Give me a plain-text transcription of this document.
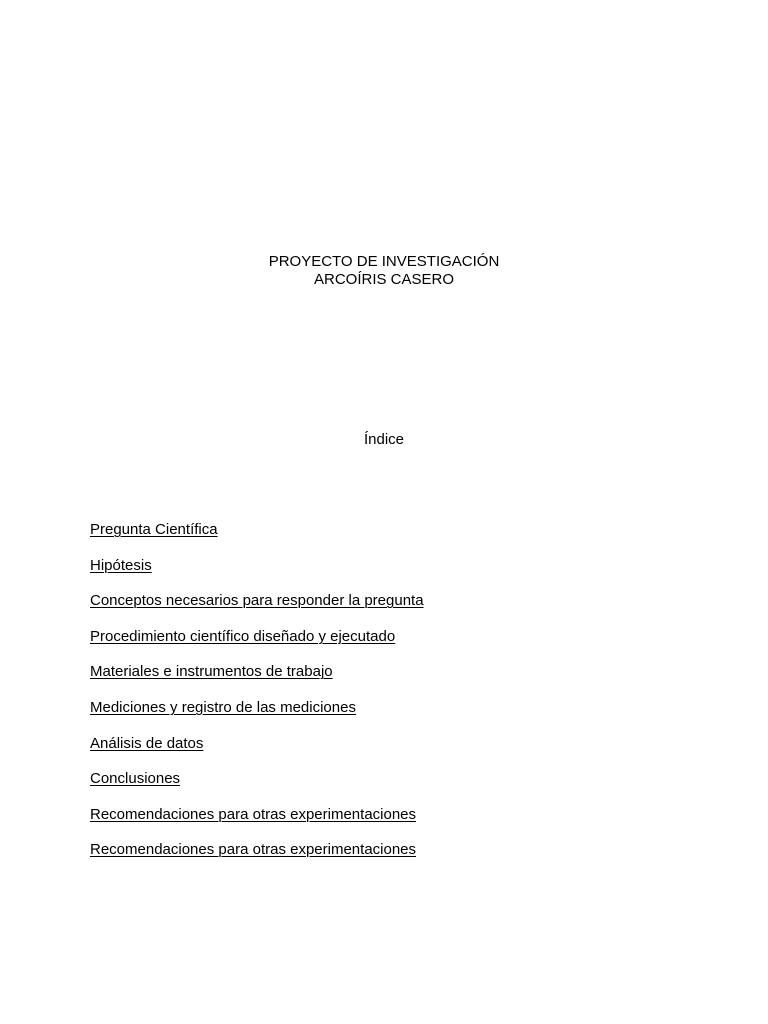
PROYECTO DE INVESTIGACIÓN
ARCOÍRIS CASERO
Índice
Pregunta Científica
Hipótesis
Conceptos necesarios para responder la pregunta
Procedimiento científico diseñado y ejecutado
Materiales e instrumentos de trabajo
Mediciones y registro de las mediciones
Análisis de datos
Conclusiones
Recomendaciones para otras experimentaciones
Recomendaciones para otras experimentaciones
